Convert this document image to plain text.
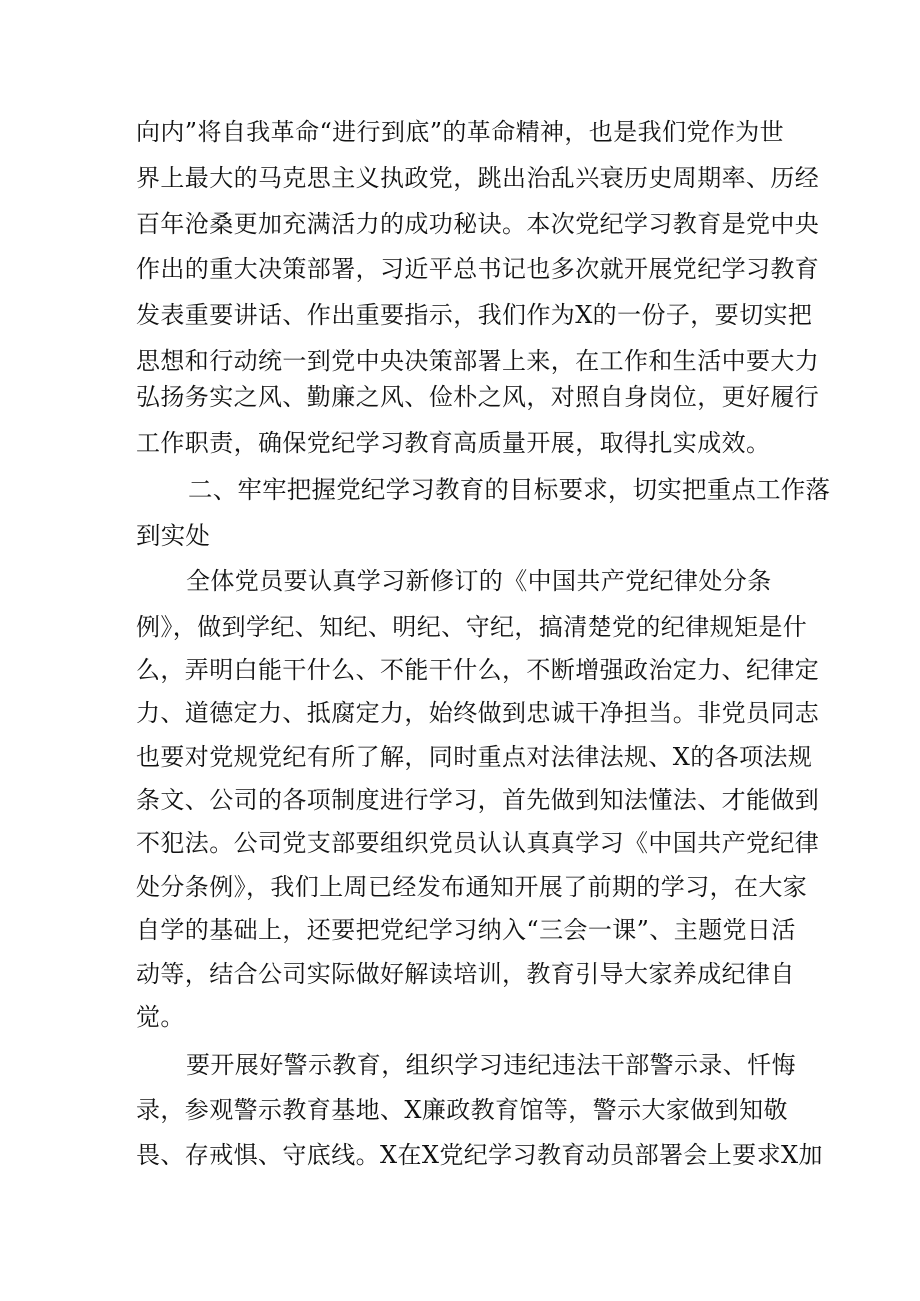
向内”将自我革命“进行到底”的革命精神，也是我们党作为世
界上最大的马克思主义执政党，跳出治乱兴衰历史周期率、历经
百年沧桑更加充满活力的成功秘诀。本次党纪学习教育是党中央
作出的重大决策部署，习近平总书记也多次就开展党纪学习教育
发表重要讲话、作出重要指示，我们作为X的一份子，要切实把
思想和行动统一到党中央决策部署上来，在工作和生活中要大力
弘扬务实之风、勤廉之风、俭朴之风，对照自身岗位，更好履行
工作职责，确保党纪学习教育高质量开展，取得扎实成效。
二、牢牢把握党纪学习教育的目标要求，切实把重点工作落
到实处
全体党员要认真学习新修订的《中国共产党纪律处分条
例》，做到学纪、知纪、明纪、守纪，搞清楚党的纪律规矩是什
么，弄明白能干什么、不能干什么，不断增强政治定力、纪律定
力、道德定力、抵腐定力，始终做到忠诚干净担当。非党员同志
也要对党规党纪有所了解，同时重点对法律法规、X的各项法规
条文、公司的各项制度进行学习，首先做到知法懂法、才能做到
不犯法。公司党支部要组织党员认认真真学习《中国共产党纪律
处分条例》，我们上周已经发布通知开展了前期的学习，在大家
自学的基础上，还要把党纪学习纳入“三会一课”、主题党日活
动等，结合公司实际做好解读培训，教育引导大家养成纪律自
觉。
要开展好警示教育，组织学习违纪违法干部警示录、忏悔
录，参观警示教育基地、X廉政教育馆等，警示大家做到知敬
畏、存戒惧、守底线。X在X党纪学习教育动员部署会上要求X加
